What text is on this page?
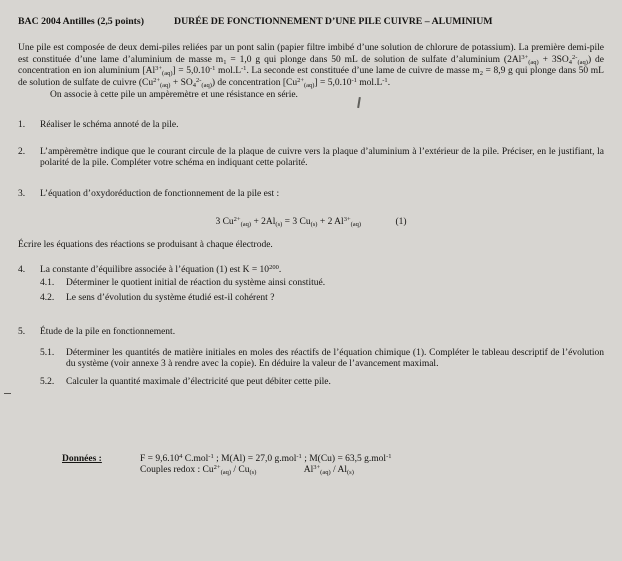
BAC 2004 Antilles (2,5 points)	DURÉE DE FONCTIONNEMENT D’UNE PILE CUIVRE – ALUMINIUM

Une pile est composée de deux demi-piles reliées par un pont salin (papier filtre imbibé d’une solution de chlorure de potassium). La première demi-pile est constituée d’une lame d’aluminium de masse $m_1 = 1,0$ g qui plonge dans 50 mL de solution de sulfate d’aluminium $(2Al^{3+}_{(aq)} + 3SO_4^{2-}_{(aq)})$ de concentration en ion aluminium $[Al^{3+}_{(aq)}] = 5,0.10^{-1}$ $mol.L^{-1}$. La seconde est constituée d’une lame de cuivre de masse $m_2 = 8,9$ g qui plonge dans 50 mL de solution de sulfate de cuivre $(Cu^{2+}_{(aq)} + SO_4^{2-}_{(aq)})$ de concentration $[Cu^{2+}_{(aq)}] = 5,0.10^{-1}$ $mol.L^{-1}$.

On associe à cette pile un ampèremètre et une résistance en série.

1. Réaliser le schéma annoté de la pile.
2. L’ampèremètre indique que le courant circule de la plaque de cuivre vers la plaque d’aluminium à l’extérieur de la pile. Préciser, en le justifiant, la polarité de la pile. Compléter votre schéma en indiquant cette polarité.
3. L’équation d’oxydoréduction de fonctionnement de la pile est :
3 $Cu^{2+}_{(aq)} + 2Al_{(s)} = 3$ $Cu_{(s)} + 2$ $Al^{3+}_{(aq)}$	(1)

Écrire les équations des réactions se produisant à chaque électrode.

4. La constante d’équilibre associée à l’équation (1) est $K = 10^{200}$.
4.1. Déterminer le quotient initial de réaction du système ainsi constitué.
4.2. Le sens d’évolution du système étudié est-il cohérent ?
5. Étude de la pile en fonctionnement.
5.1. Déterminer les quantités de matière initiales en moles des réactifs de l’équation chimique (1). Compléter le tableau descriptif de l’évolution du système (voir annexe 3 à rendre avec la copie). En déduire la valeur de l’avancement maximal.
5.2. Calculer la quantité maximale d’électricité que peut débiter cette pile.
Données :	$F = 9,6.10^4$ C.mol$^{-1}$ ; M(Al) = 27,0 g.mol$^{-1}$ ; M(Cu) = 63,5 g.mol$^{-1}$
Couples redox : $Cu^{2+}_{(aq)} / Cu_{(s)}$	$Al^{3+}_{(aq)} / Al_{(s)}$
